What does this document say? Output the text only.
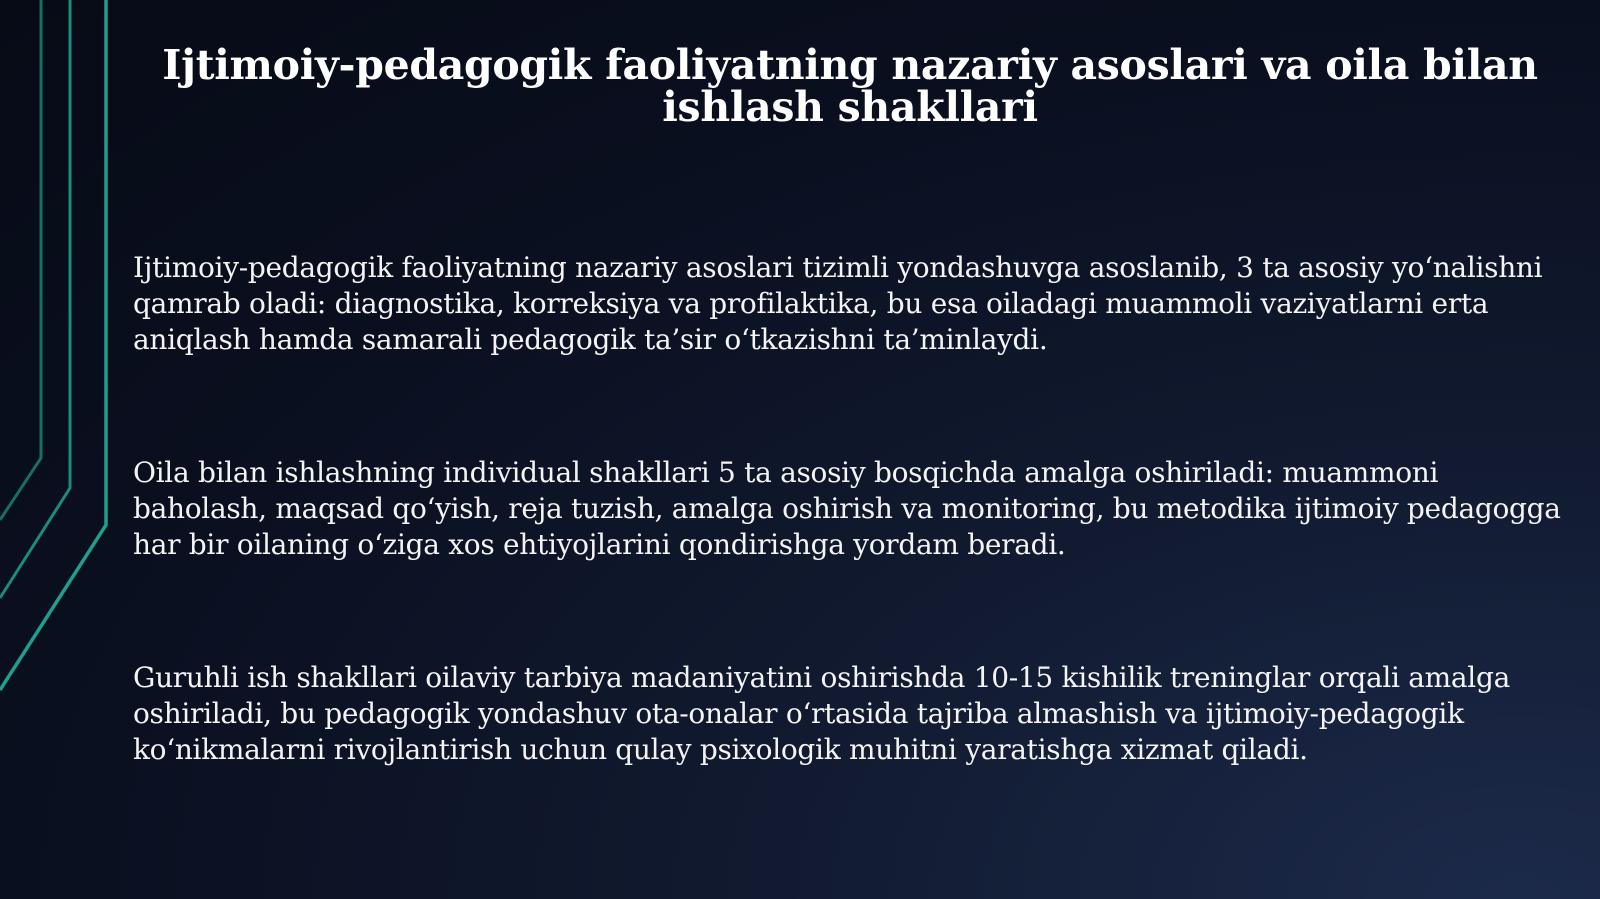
Ijtimoiy-pedagogik faoliyatning nazariy asoslari va oila bilan ishlash shakllari

Ijtimoiy-pedagogik faoliyatning nazariy asoslari tizimli yondashuvga asoslanib, 3 ta asosiy yo‘nalishni qamrab oladi: diagnostika, korreksiya va profilaktika, bu esa oiladagi muammoli vaziyatlarni erta aniqlash hamda samarali pedagogik ta’sir o‘tkazishni ta’minlaydi.

Oila bilan ishlashning individual shakllari 5 ta asosiy bosqichda amalga oshiriladi: muammoni baholash, maqsad qo‘yish, reja tuzish, amalga oshirish va monitoring, bu metodika ijtimoiy pedagogga har bir oilaning o‘ziga xos ehtiyojlarini qondirishga yordam beradi.

Guruhli ish shakllari oilaviy tarbiya madaniyatini oshirishda 10-15 kishilik treninglar orqali amalga oshiriladi, bu pedagogik yondashuv ota-onalar o‘rtasida tajriba almashish va ijtimoiy-pedagogik ko‘nikmalarni rivojlantirish uchun qulay psixologik muhitni yaratishga xizmat qiladi.
